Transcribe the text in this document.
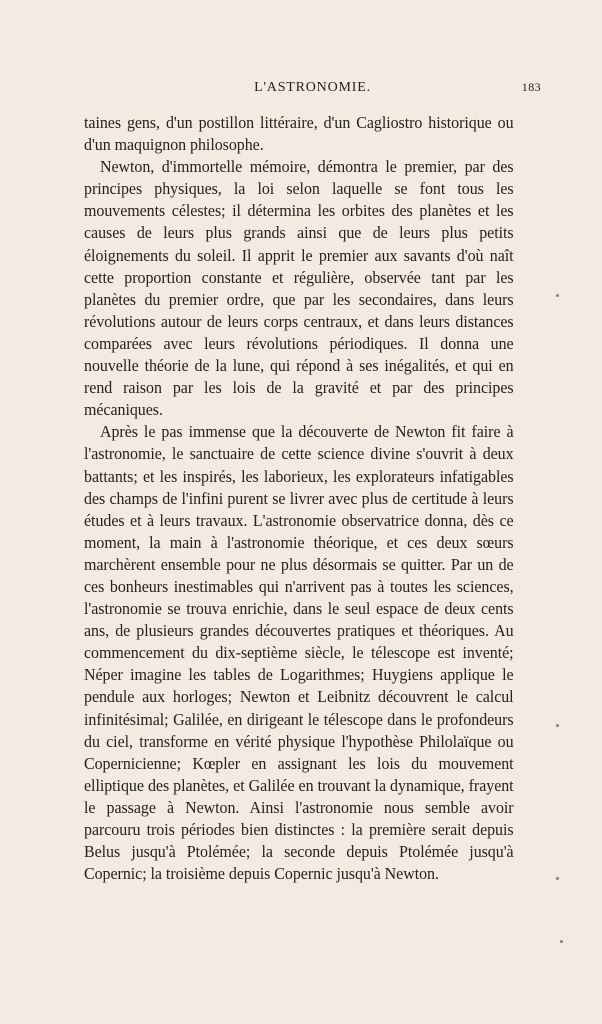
L'ASTRONOMIE.	183

taines gens, d'un postillon littéraire, d'un Cagliostro historique ou d'un maquignon philosophe.

Newton, d'immortelle mémoire, démontra le premier, par des principes physiques, la loi selon laquelle se font tous les mouvements célestes; il détermina les orbites des planètes et les causes de leurs plus grands ainsi que de leurs plus petits éloignements du soleil. Il apprit le premier aux savants d'où naît cette proportion constante et régulière, observée tant par les planètes du premier ordre, que par les secondaires, dans leurs révolutions autour de leurs corps centraux, et dans leurs distances comparées avec leurs révolutions périodiques. Il donna une nouvelle théorie de la lune, qui répond à ses inégalités, et qui en rend raison par les lois de la gravité et par des principes mécaniques.

Après le pas immense que la découverte de Newton fit faire à l'astronomie, le sanctuaire de cette science divine s'ouvrit à deux battants; et les inspirés, les laborieux, les explorateurs infatigables des champs de l'infini purent se livrer avec plus de certitude à leurs études et à leurs travaux. L'astronomie observatrice donna, dès ce moment, la main à l'astronomie théorique, et ces deux sœurs marchèrent ensemble pour ne plus désormais se quitter. Par un de ces bonheurs inestimables qui n'arrivent pas à toutes les sciences, l'astronomie se trouva enrichie, dans le seul espace de deux cents ans, de plusieurs grandes découvertes pratiques et théoriques. Au commencement du dix-septième siècle, le télescope est inventé; Néper imagine les tables de Logarithmes; Huygiens applique le pendule aux horloges; Newton et Leibnitz découvrent le calcul infinitésimal; Galilée, en dirigeant le télescope dans le profondeurs du ciel, transforme en vérité physique l'hypothèse Philolaïque ou Copernicienne; Kœpler en assignant les lois du mouvement elliptique des planètes, et Galilée en trouvant la dynamique, frayent le passage à Newton. Ainsi l'astronomie nous semble avoir parcouru trois périodes bien distinctes : la première serait depuis Belus jusqu'à Ptolémée; la seconde depuis Ptolémée jusqu'à Copernic; la troisième depuis Copernic jusqu'à Newton.
